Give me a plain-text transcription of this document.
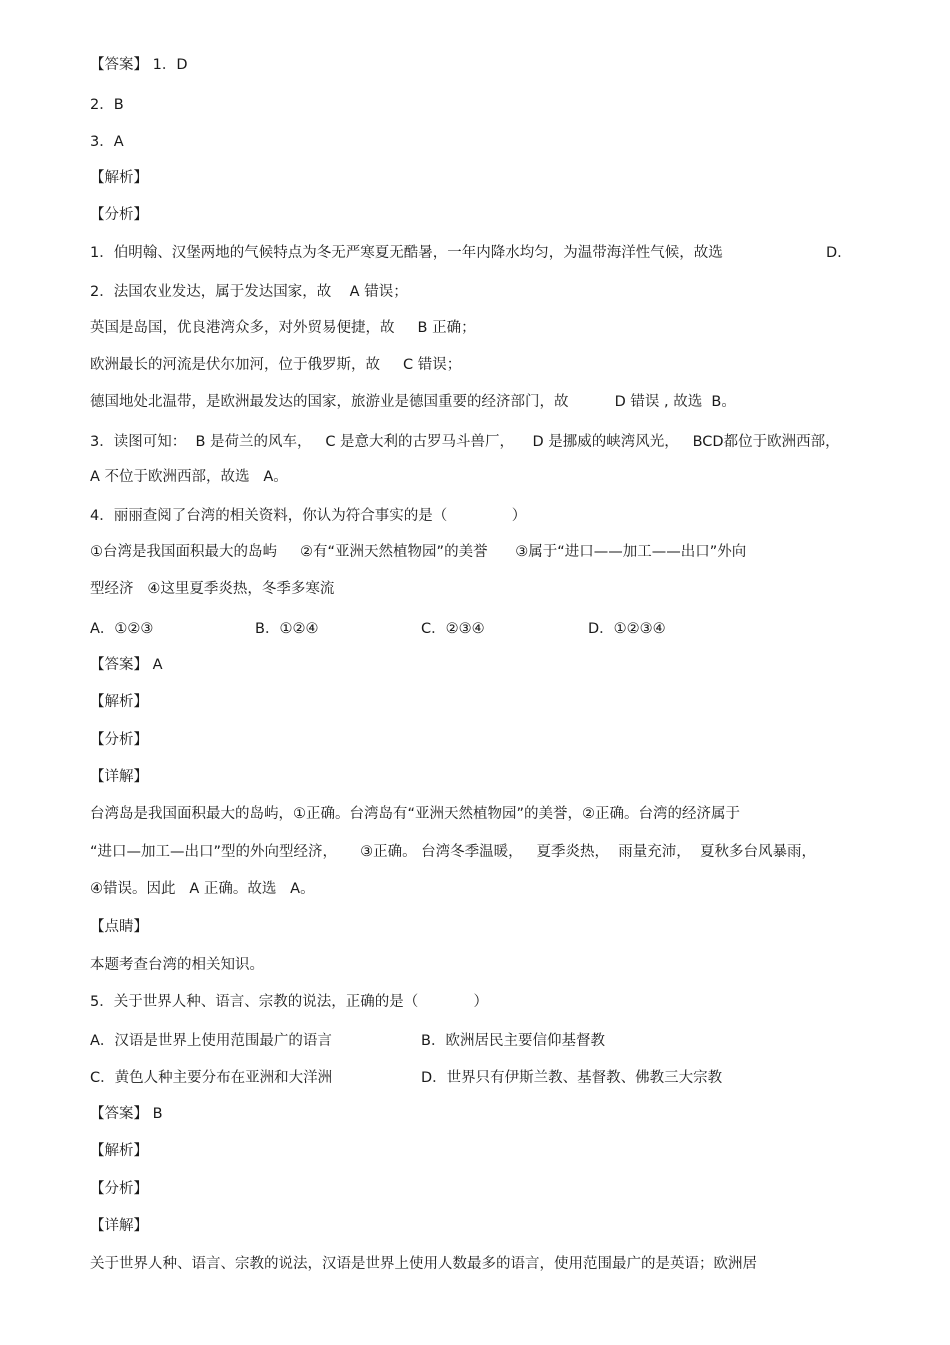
【答案】 1．D
2．B
3．A
【解析】
【分析】
1．伯明翰、汉堡两地的气候特点为冬无严寒夏无酷暑，一年内降水均匀，为温带海洋性气候，故选	D.
2．法国农业发达，属于发达国家，故    A 错误；
英国是岛国，优良港湾众多，对外贸易便捷，故     B 正确；
欧洲最长的河流是伏尔加河，位于俄罗斯，故     C 错误；
德国地处北温带，是欧洲最发达的国家，旅游业是德国重要的经济部门，故          D 错误 , 故选  B。
3．读图可知：  B 是荷兰的风车，   C 是意大利的古罗马斗兽厂，    D 是挪威的峡湾风光，   BCD都位于欧洲西部，
A 不位于欧洲西部，故选   A。
4．丽丽查阅了台湾的相关资料，你认为符合事实的是（              ）
①台湾是我国面积最大的岛屿     ②有“亚洲天然植物园”的美誉      ③属于“进口——加工——出口”外向
型经济   ④这里夏季炎热，冬季多寒流
A．①②③	B．①②④	C．②③④	D．①②③④
【答案】 A
【解析】
【分析】
【详解】
台湾岛是我国面积最大的岛屿，①正确。台湾岛有“亚洲天然植物园”的美誉，②正确。台湾的经济属于
“进口—加工—出口”型的外向型经济，     ③正确。 台湾冬季温暖，   夏季炎热，  雨量充沛，  夏秋多台风暴雨，
④错误。因此   A 正确。故选   A。
【点睛】
本题考查台湾的相关知识。
5．关于世界人种、语言、宗教的说法，正确的是（            ）
A．汉语是世界上使用范围最广的语言	B．欧洲居民主要信仰基督教
C．黄色人种主要分布在亚洲和大洋洲	D．世界只有伊斯兰教、基督教、佛教三大宗教
【答案】 B
【解析】
【分析】
【详解】
关于世界人种、语言、宗教的说法，汉语是世界上使用人数最多的语言，使用范围最广的是英语；欧洲居
